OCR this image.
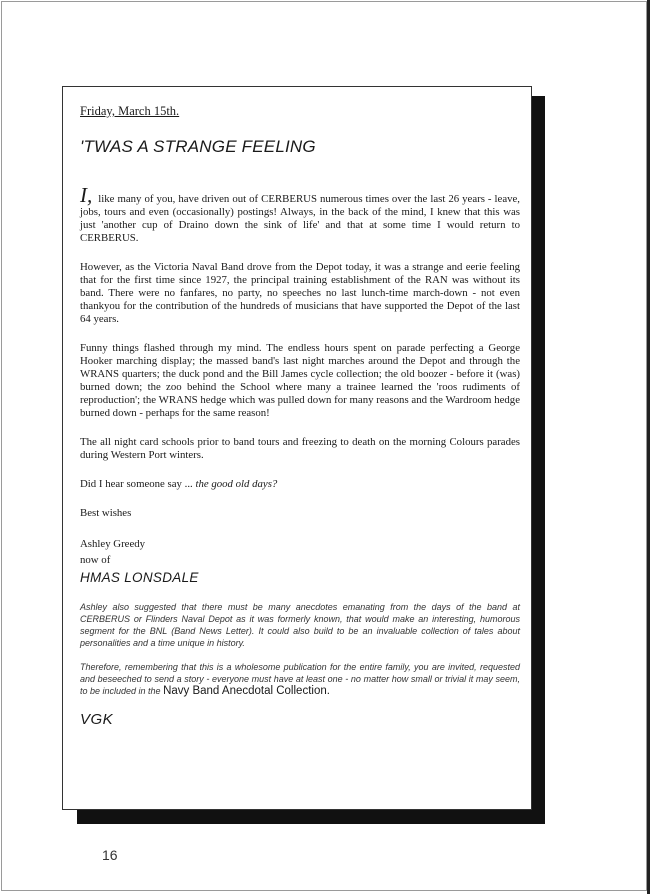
Friday, March 15th.

'TWAS A STRANGE FEELING

I, like many of you, have driven out of CERBERUS numerous times over the last 26 years - leave, jobs, tours and even (occasionally) postings! Always, in the back of the mind, I knew that this was just 'another cup of Draino down the sink of life' and that at some time I would return to CERBERUS.

However, as the Victoria Naval Band drove from the Depot today, it was a strange and eerie feeling that for the first time since 1927, the principal training establishment of the RAN was without its band. There were no fanfares, no party, no speeches no last lunch-time march-down - not even thankyou for the contribution of the hundreds of musicians that have supported the Depot of the last 64 years.

Funny things flashed through my mind. The endless hours spent on parade perfecting a George Hooker marching display; the massed band's last night marches around the Depot and through the WRANS quarters; the duck pond and the Bill James cycle collection; the old boozer - before it (was) burned down; the zoo behind the School where many a trainee learned the 'roos rudiments of reproduction'; the WRANS hedge which was pulled down for many reasons and the Wardroom hedge burned down - perhaps for the same reason!

The all night card schools prior to band tours and freezing to death on the morning Colours parades during Western Port winters.

Did I hear someone say ... the good old days?

Best wishes

Ashley Greedy
now of

HMAS LONSDALE

Ashley also suggested that there must be many anecdotes emanating from the days of the band at CERBERUS or Flinders Naval Depot as it was formerly known, that would make an interesting, humorous segment for the BNL (Band News Letter). It could also build to be an invaluable collection of tales about personalities and a time unique in history.

Therefore, remembering that this is a wholesome publication for the entire family, you are invited, requested and beseeched to send a story - everyone must have at least one - no matter how small or trivial it may seem, to be included in the Navy Band Anecdotal Collection.

VGK

16
